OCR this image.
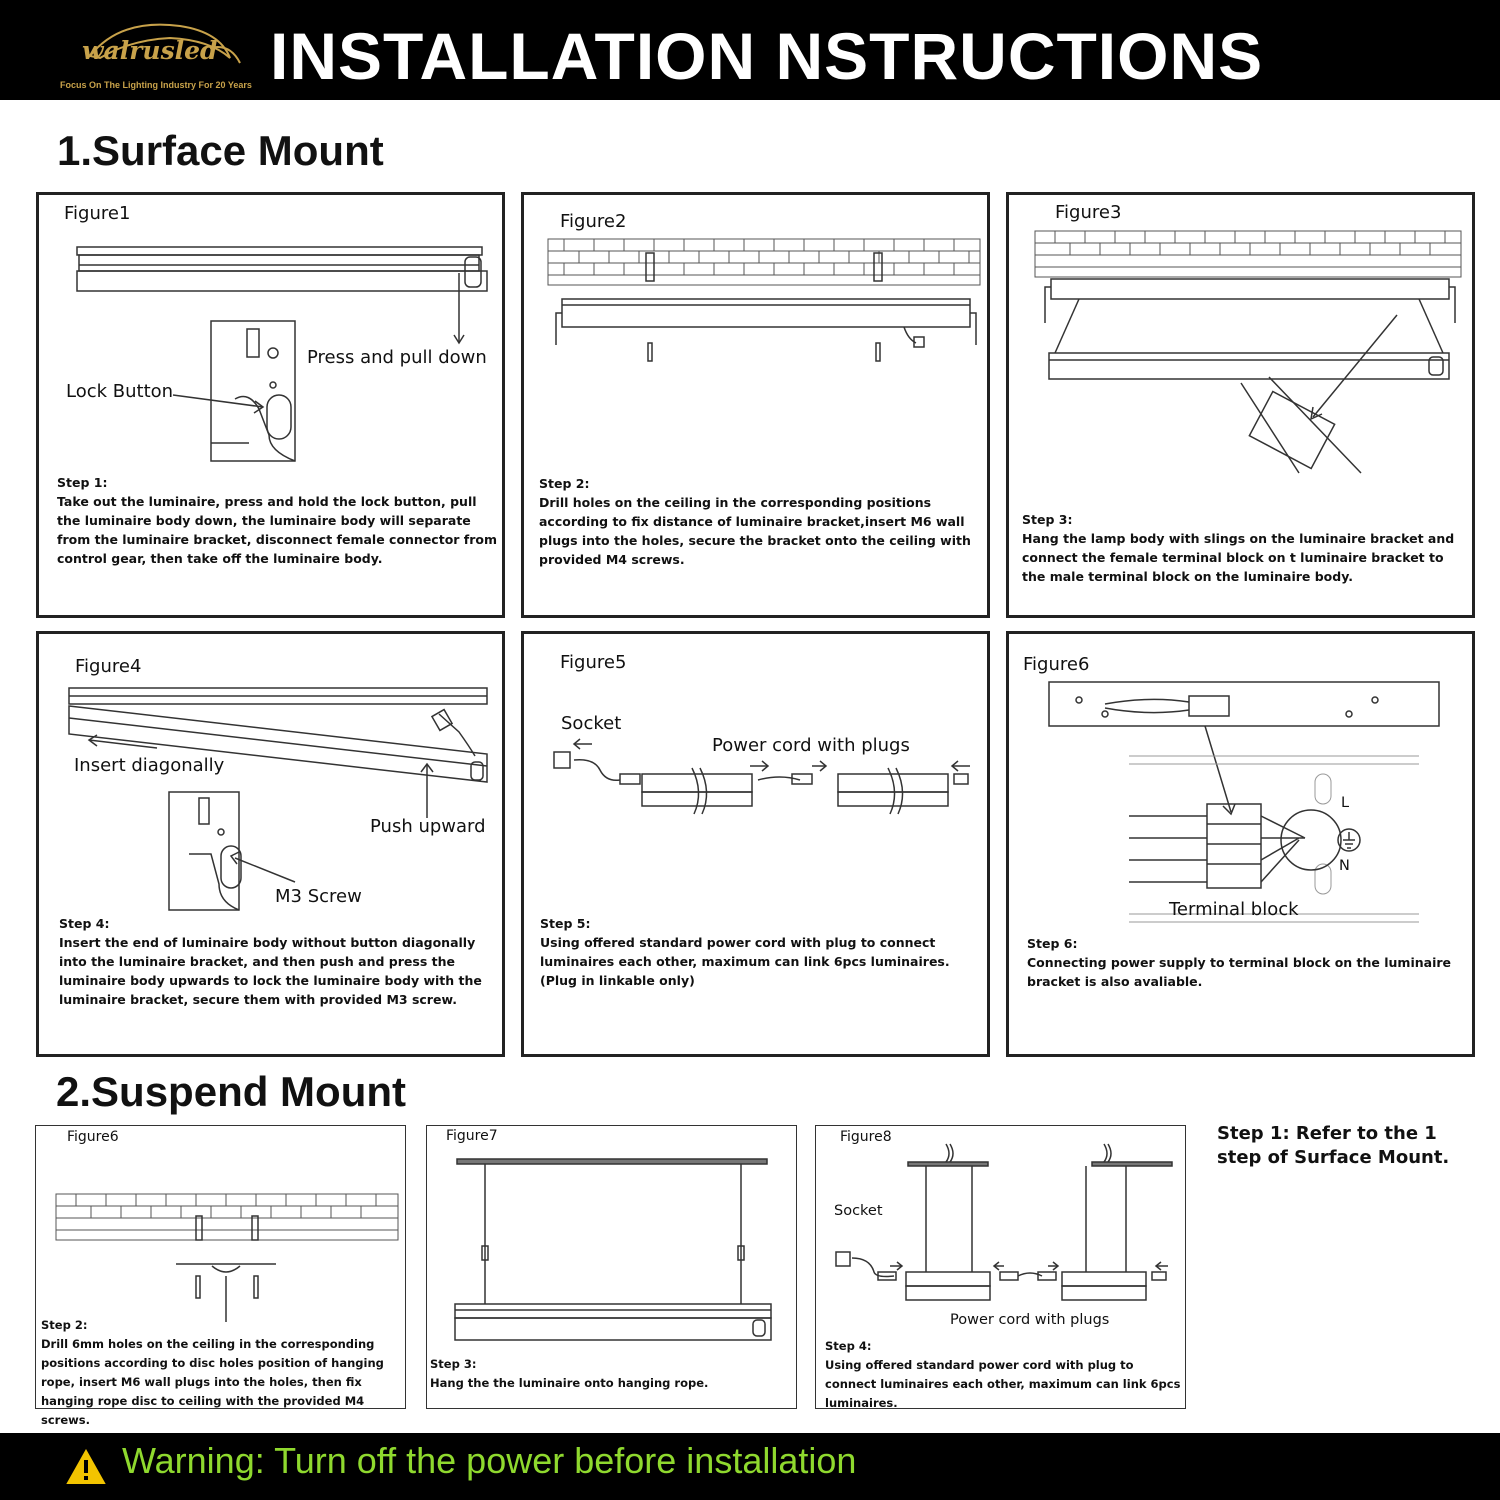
walrusled
Focus On The Lighting Industry For 20 Years INSTALLATION NSTRUCTIONS
1.Surface Mount
Figure1
Press and pull down
Lock Button
Step 1:
Take out the luminaire, press and hold the lock button, pull the luminaire body down, the luminaire body will separate from the luminaire bracket, disconnect female connector from control gear, then take off the luminaire body.
Figure2
Step 2:
Drill holes on the ceiling in the corresponding positions according to fix distance of luminaire bracket,insert M6 wall plugs into the holes, secure the bracket onto the ceiling with provided M4 screws.
Figure3
Step 3:
Hang the lamp body with slings on the luminaire bracket and connect the female terminal block on t luminaire bracket to the male terminal block on the luminaire body.
Figure4
Insert diagonally
Push upward
M3 Screw
Step 4:
Insert the end of luminaire body without button diagonally into the luminaire bracket, and then push and press the luminaire body upwards to lock the luminaire body with the luminaire bracket, secure them with provided M3 screw.
Figure5
Socket
Power cord with plugs
Step 5:
Using offered standard power cord with plug to connect luminaires each other, maximum can link 6pcs luminaires. (Plug in linkable only)
Figure6
L
N
Terminal block
Step 6:
Connecting power supply to terminal block on the luminaire bracket is also avaliable.
2.Suspend Mount
Figure6
Step 2:
Drill 6mm holes on the ceiling in the corresponding positions according to disc holes position of hanging rope, insert M6 wall plugs into the holes, then fix hanging rope disc to ceiling with the provided M4 screws.
Figure7
Step 3:
Hang the the luminaire onto hanging rope.
Figure8
Socket
Power cord with plugs
Step 4:
Using offered standard power cord with plug to connect luminaires each other, maximum can link 6pcs luminaires.
Step 1: Refer to the 1 step of Surface Mount.
Warning: Turn off the power before installation
